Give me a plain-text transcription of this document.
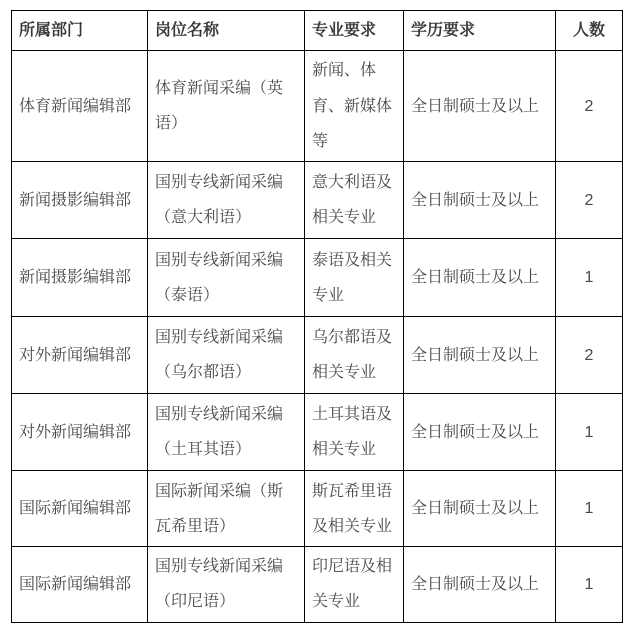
所属部门	岗位名称	专业要求	学历要求	人数
体育新闻编辑部	体育新闻采编（英语）	新闻、体育、新媒体等	全日制硕士及以上	2
新闻摄影编辑部	国别专线新闻采编（意大利语）	意大利语及相关专业	全日制硕士及以上	2
新闻摄影编辑部	国别专线新闻采编（泰语）	泰语及相关专业	全日制硕士及以上	1
对外新闻编辑部	国别专线新闻采编（乌尔都语）	乌尔都语及相关专业	全日制硕士及以上	2
对外新闻编辑部	国别专线新闻采编（土耳其语）	土耳其语及相关专业	全日制硕士及以上	1
国际新闻编辑部	国际新闻采编（斯瓦希里语）	斯瓦希里语及相关专业	全日制硕士及以上	1
国际新闻编辑部	国别专线新闻采编（印尼语）	印尼语及相关专业	全日制硕士及以上	1
